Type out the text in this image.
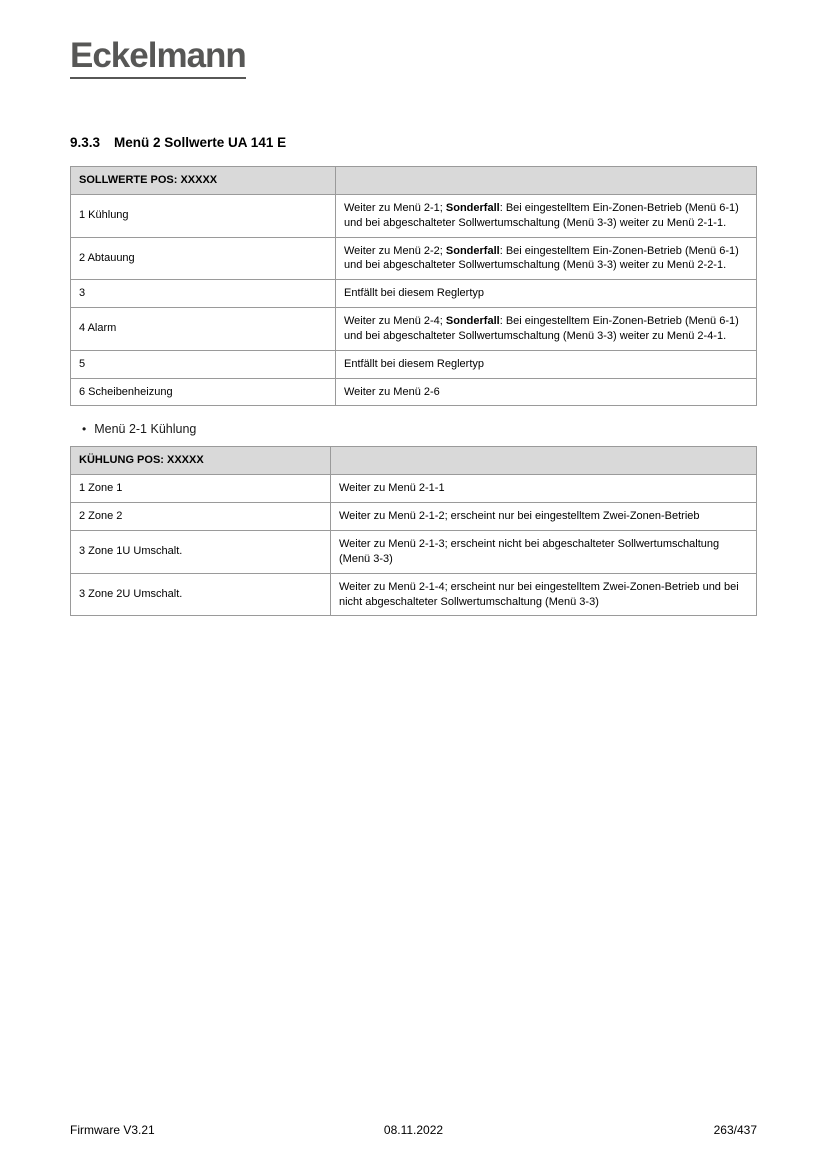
Eckelmann
9.3.3 Menü 2 Sollwerte UA 141 E
SOLLWERTE POS: XXXXX	
1 Kühlung	Weiter zu Menü 2-1; Sonderfall: Bei eingestelltem Ein-Zonen-Betrieb (Menü 6-1) und bei abgeschalteter Sollwertumschaltung (Menü 3-3) weiter zu Menü 2-1-1.
2 Abtauung	Weiter zu Menü 2-2; Sonderfall: Bei eingestelltem Ein-Zonen-Betrieb (Menü 6-1) und bei abgeschalteter Sollwertumschaltung (Menü 3-3) weiter zu Menü 2-2-1.
3	Entfällt bei diesem Reglertyp
4 Alarm	Weiter zu Menü 2-4; Sonderfall: Bei eingestelltem Ein-Zonen-Betrieb (Menü 6-1) und bei abgeschalteter Sollwertumschaltung (Menü 3-3) weiter zu Menü 2-4-1.
5	Entfällt bei diesem Reglertyp
6 Scheibenheizung	Weiter zu Menü 2-6
• Menü 2-1 Kühlung
KÜHLUNG POS: XXXXX	
1 Zone 1	Weiter zu Menü 2-1-1
2 Zone 2	Weiter zu Menü 2-1-2; erscheint nur bei eingestelltem Zwei-Zonen-Betrieb
3 Zone 1U Umschalt.	Weiter zu Menü 2-1-3; erscheint nicht bei abgeschalteter Sollwertumschaltung (Menü 3-3)
3 Zone 2U Umschalt.	Weiter zu Menü 2-1-4; erscheint nur bei eingestelltem Zwei-Zonen-Betrieb und bei nicht abgeschalteter Sollwertumschaltung (Menü 3-3)
Firmware V3.21	08.11.2022	263/437
